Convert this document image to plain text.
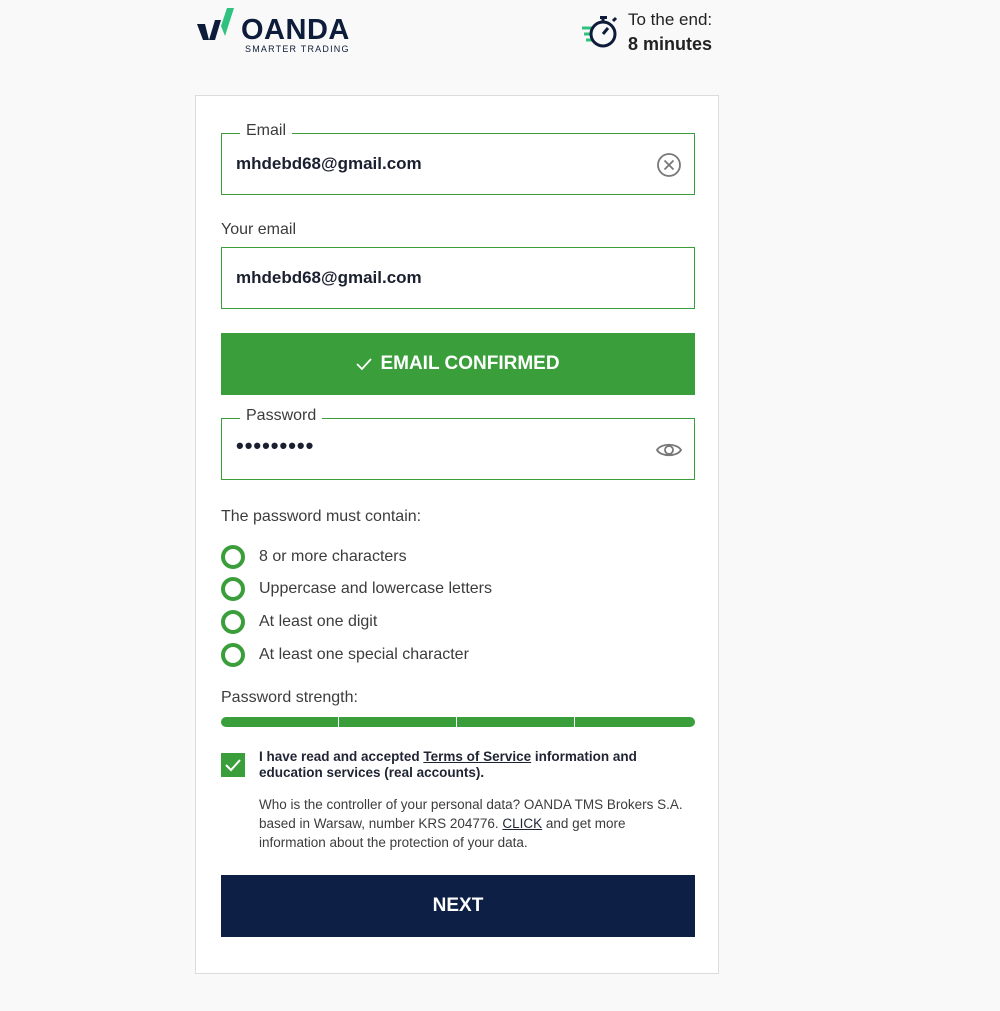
OANDA
SMARTER TRADING
To the end:
8 minutes
Email
mhdebd68@gmail.com
Your email
mhdebd68@gmail.com
EMAIL CONFIRMED
Password
•••••••••
The password must contain:
8 or more characters
Uppercase and lowercase letters
At least one digit
At least one special character
Password strength:
I have read and accepted Terms of Service information and education services (real accounts).
Who is the controller of your personal data? OANDA TMS Brokers S.A. based in Warsaw, number KRS 204776. CLICK and get more information about the protection of your data.
NEXT
